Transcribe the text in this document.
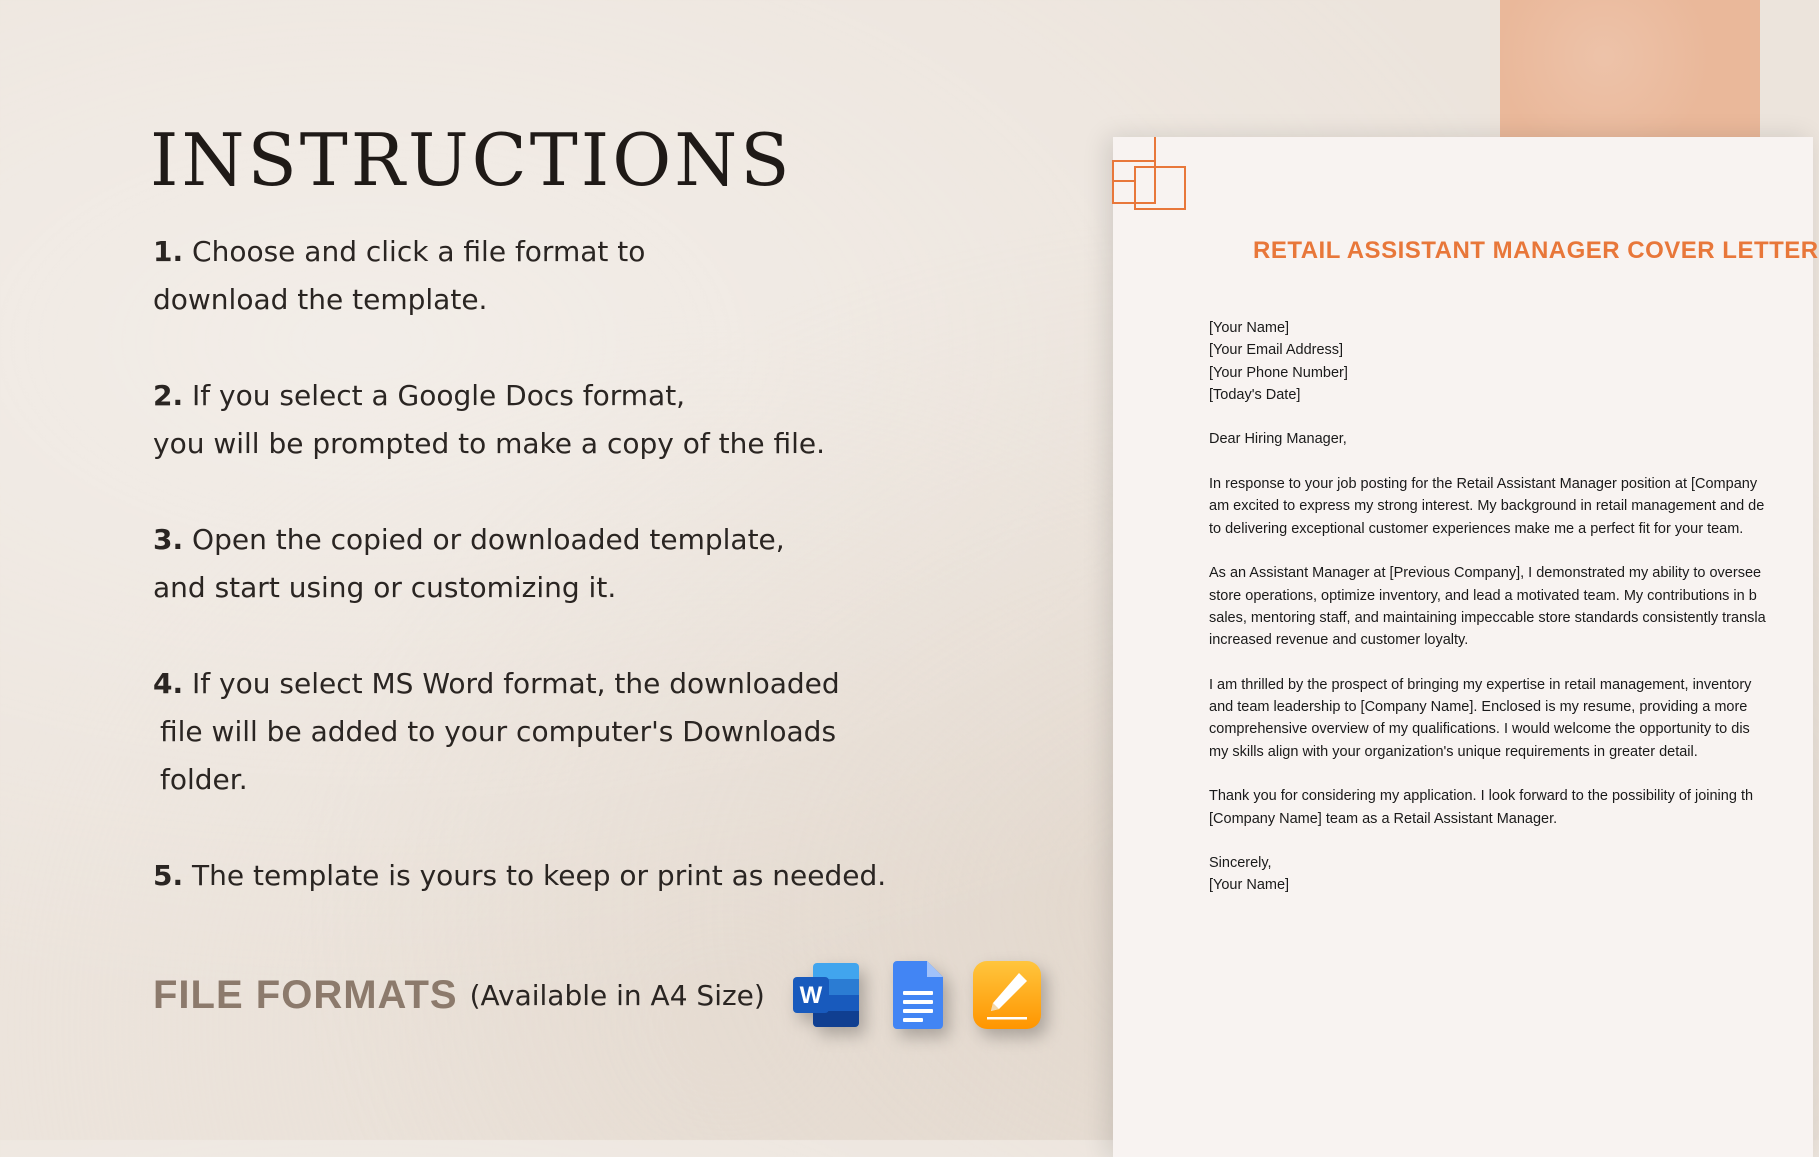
INSTRUCTIONS
1. Choose and click a file format to
download the template.
2. If you select a Google Docs format,
you will be prompted to make a copy of the file.
3. Open the copied or downloaded template,
and start using or customizing it.
4. If you select MS Word format, the downloaded
file will be added to your computer's Downloads
folder.
5. The template is yours to keep or print as needed.
FILE FORMATS (Available in A4 Size) W
RETAIL ASSISTANT MANAGER COVER LETTER

[Your Name]
[Your Email Address]
[Your Phone Number]
[Today's Date]

Dear Hiring Manager,

In response to your job posting for the Retail Assistant Manager position at [Company
am excited to express my strong interest. My background in retail management and de
to delivering exceptional customer experiences make me a perfect fit for your team.

As an Assistant Manager at [Previous Company], I demonstrated my ability to oversee
store operations, optimize inventory, and lead a motivated team. My contributions in b
sales, mentoring staff, and maintaining impeccable store standards consistently transla
increased revenue and customer loyalty.

I am thrilled by the prospect of bringing my expertise in retail management, inventory
and team leadership to [Company Name]. Enclosed is my resume, providing a more
comprehensive overview of my qualifications. I would welcome the opportunity to dis
my skills align with your organization's unique requirements in greater detail.

Thank you for considering my application. I look forward to the possibility of joining th
[Company Name] team as a Retail Assistant Manager.

Sincerely,
[Your Name]
